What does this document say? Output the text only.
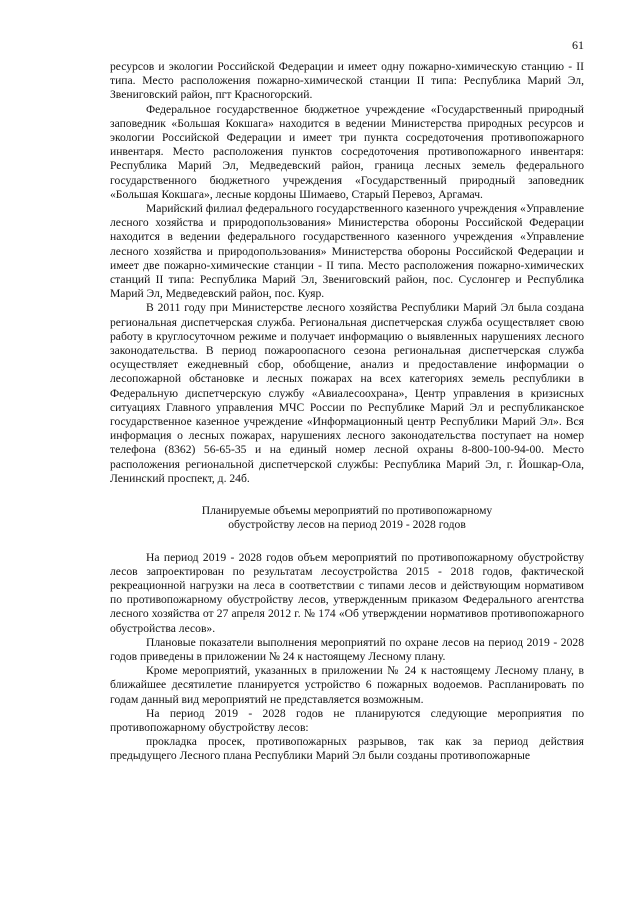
61

ресурсов и экологии Российской Федерации и имеет одну пожарно-химическую станцию - II типа. Место расположения пожарно-химической станции II типа: Республика Марий Эл, Звениговский район, пгт Красногорский.

Федеральное государственное бюджетное учреждение «Государственный природный заповедник «Большая Кокшага» находится в ведении Министерства природных ресурсов и экологии Российской Федерации и имеет три пункта сосредоточения противопожарного инвентаря. Место расположения пунктов сосредоточения противопожарного инвентаря: Республика Марий Эл, Медведевский район, граница лесных земель федерального государственного бюджетного учреждения «Государственный природный заповедник «Большая Кокшага», лесные кордоны Шимаево, Старый Перевоз, Аргамач.

Марийский филиал федерального государственного казенного учреждения «Управление лесного хозяйства и природопользования» Министерства обороны Российской Федерации находится в ведении федерального государственного казенного учреждения «Управление лесного хозяйства и природопользования» Министерства обороны Российской Федерации и имеет две пожарно-химические станции - II типа. Место расположения пожарно-химических станций II типа: Республика Марий Эл, Звениговский район, пос. Суслонгер и Республика Марий Эл, Медведевский район, пос. Куяр.

В 2011 году при Министерстве лесного хозяйства Республики Марий Эл была создана региональная диспетчерская служба. Региональная диспетчерская служба осуществляет свою работу в круглосуточном режиме и получает информацию о выявленных нарушениях лесного законодательства. В период пожароопасного сезона региональная диспетчерская служба осуществляет ежедневный сбор, обобщение, анализ и предоставление информации о лесопожарной обстановке и лесных пожарах на всех категориях земель республики в Федеральную диспетчерскую службу «Авиалесоохрана», Центр управления в кризисных ситуациях Главного управления МЧС России по Республике Марий Эл и республиканское государственное казенное учреждение «Информационный центр Республики Марий Эл». Вся информация о лесных пожарах, нарушениях лесного законодательства поступает на номер телефона (8362) 56-65-35 и на единый номер лесной охраны 8-800-100-94-00. Место расположения региональной диспетчерской службы: Республика Марий Эл, г. Йошкар-Ола, Ленинский проспект, д. 24б.

Планируемые объемы мероприятий по противопожарному
обустройству лесов на период 2019 - 2028 годов

На период 2019 - 2028 годов объем мероприятий по противопожарному обустройству лесов запроектирован по результатам лесоустройства 2015 - 2018 годов, фактической рекреационной нагрузки на леса в соответствии с типами лесов и действующим нормативом по противопожарному обустройству лесов, утвержденным приказом Федерального агентства лесного хозяйства от 27 апреля 2012 г. № 174 «Об утверждении нормативов противопожарного обустройства лесов».

Плановые показатели выполнения мероприятий по охране лесов на период 2019 - 2028 годов приведены в приложении № 24 к настоящему Лесному плану.

Кроме мероприятий, указанных в приложении № 24 к настоящему Лесному плану, в ближайшее десятилетие планируется устройство 6 пожарных водоемов. Распланировать по годам данный вид мероприятий не представляется возможным.

На период 2019 - 2028 годов не планируются следующие мероприятия по противопожарному обустройству лесов:

прокладка просек, противопожарных разрывов, так как за период действия предыдущего Лесного плана Республики Марий Эл были созданы противопожарные
